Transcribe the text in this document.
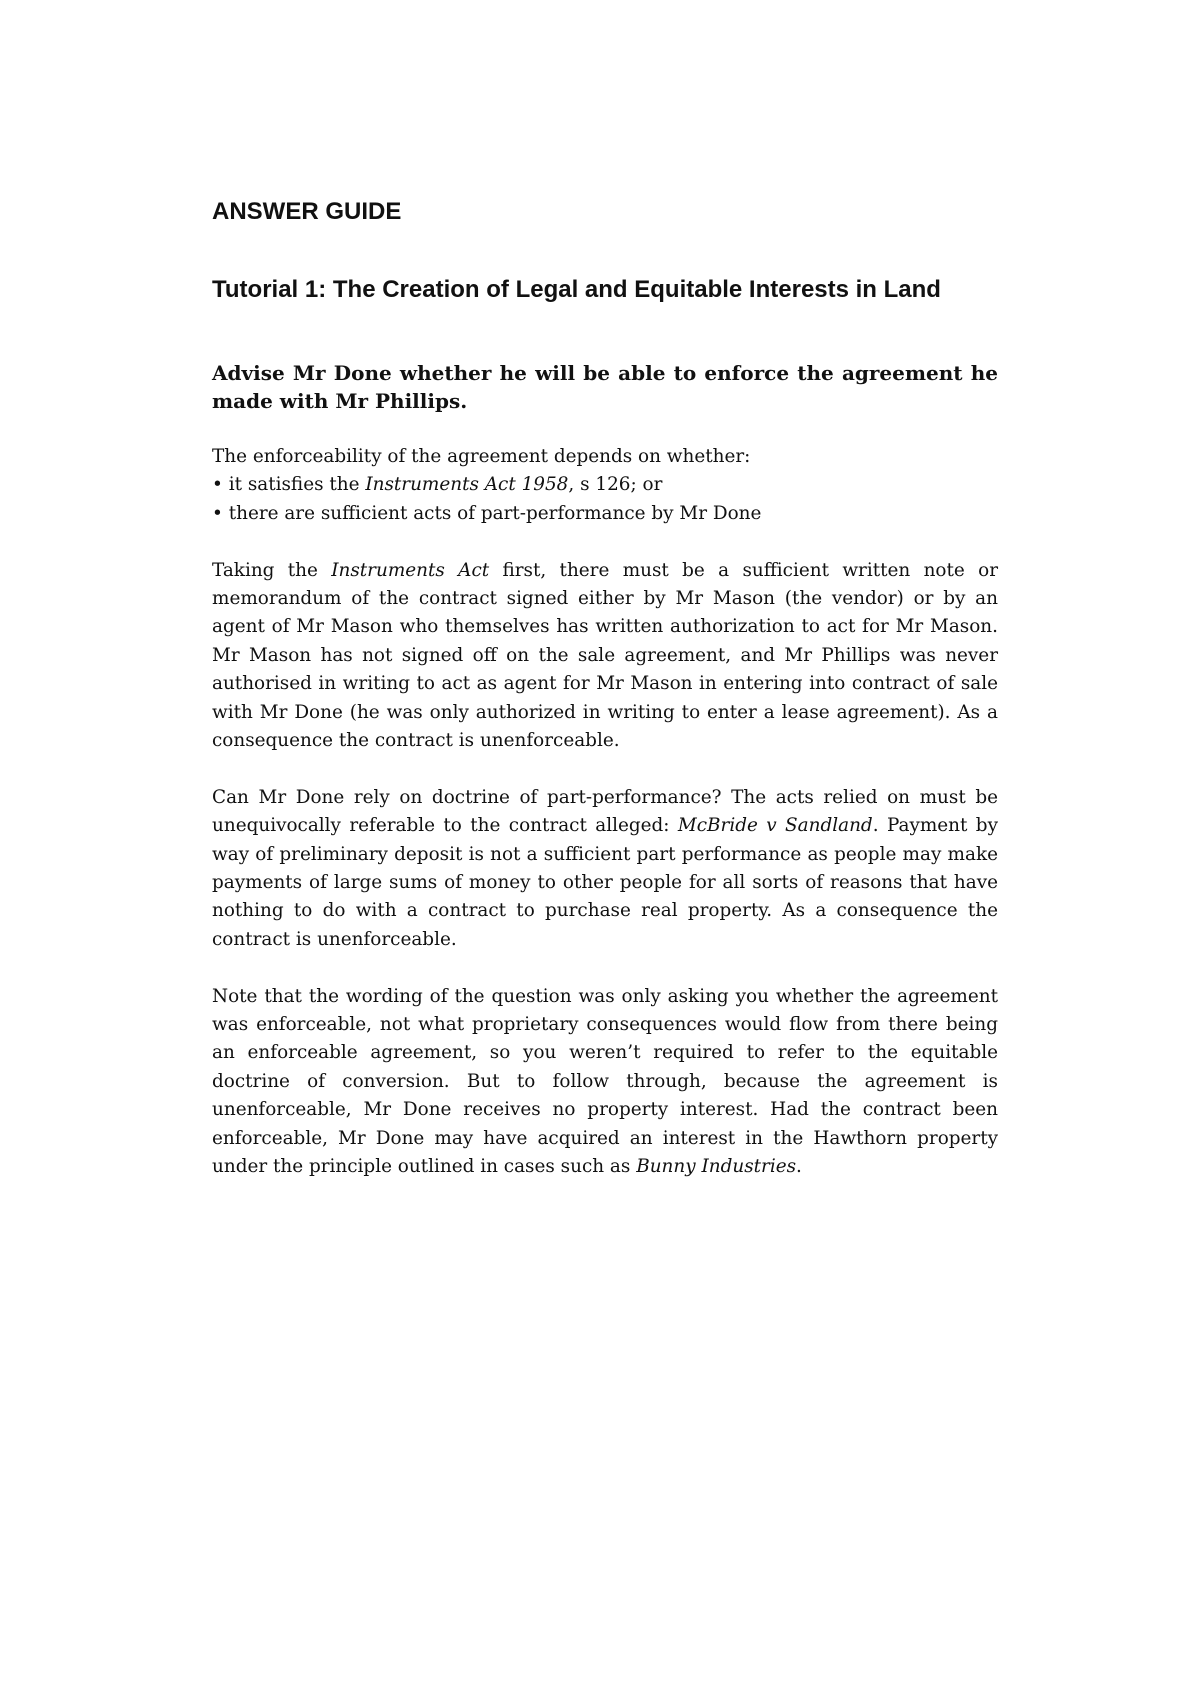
ANSWER GUIDE
Tutorial 1: The Creation of Legal and Equitable Interests in Land

Advise Mr Done whether he will be able to enforce the agreement he made with Mr Phillips.

The enforceability of the agreement depends on whether:
• it satisfies the Instruments Act 1958, s 126; or
• there are sufficient acts of part-performance by Mr Done

Taking the Instruments Act first, there must be a sufficient written note or memorandum of the contract signed either by Mr Mason (the vendor) or by an agent of Mr Mason who themselves has written authorization to act for Mr Mason. Mr Mason has not signed off on the sale agreement, and Mr Phillips was never authorised in writing to act as agent for Mr Mason in entering into contract of sale with Mr Done (he was only authorized in writing to enter a lease agreement). As a consequence the contract is unenforceable.

Can Mr Done rely on doctrine of part-performance? The acts relied on must be unequivocally referable to the contract alleged: McBride v Sandland. Payment by way of preliminary deposit is not a sufficient part performance as people may make payments of large sums of money to other people for all sorts of reasons that have nothing to do with a contract to purchase real property. As a consequence the contract is unenforceable.

Note that the wording of the question was only asking you whether the agreement was enforceable, not what proprietary consequences would flow from there being an enforceable agreement, so you weren’t required to refer to the equitable doctrine of conversion. But to follow through, because the agreement is unenforceable, Mr Done receives no property interest. Had the contract been enforceable, Mr Done may have acquired an interest in the Hawthorn property under the principle outlined in cases such as Bunny Industries.
